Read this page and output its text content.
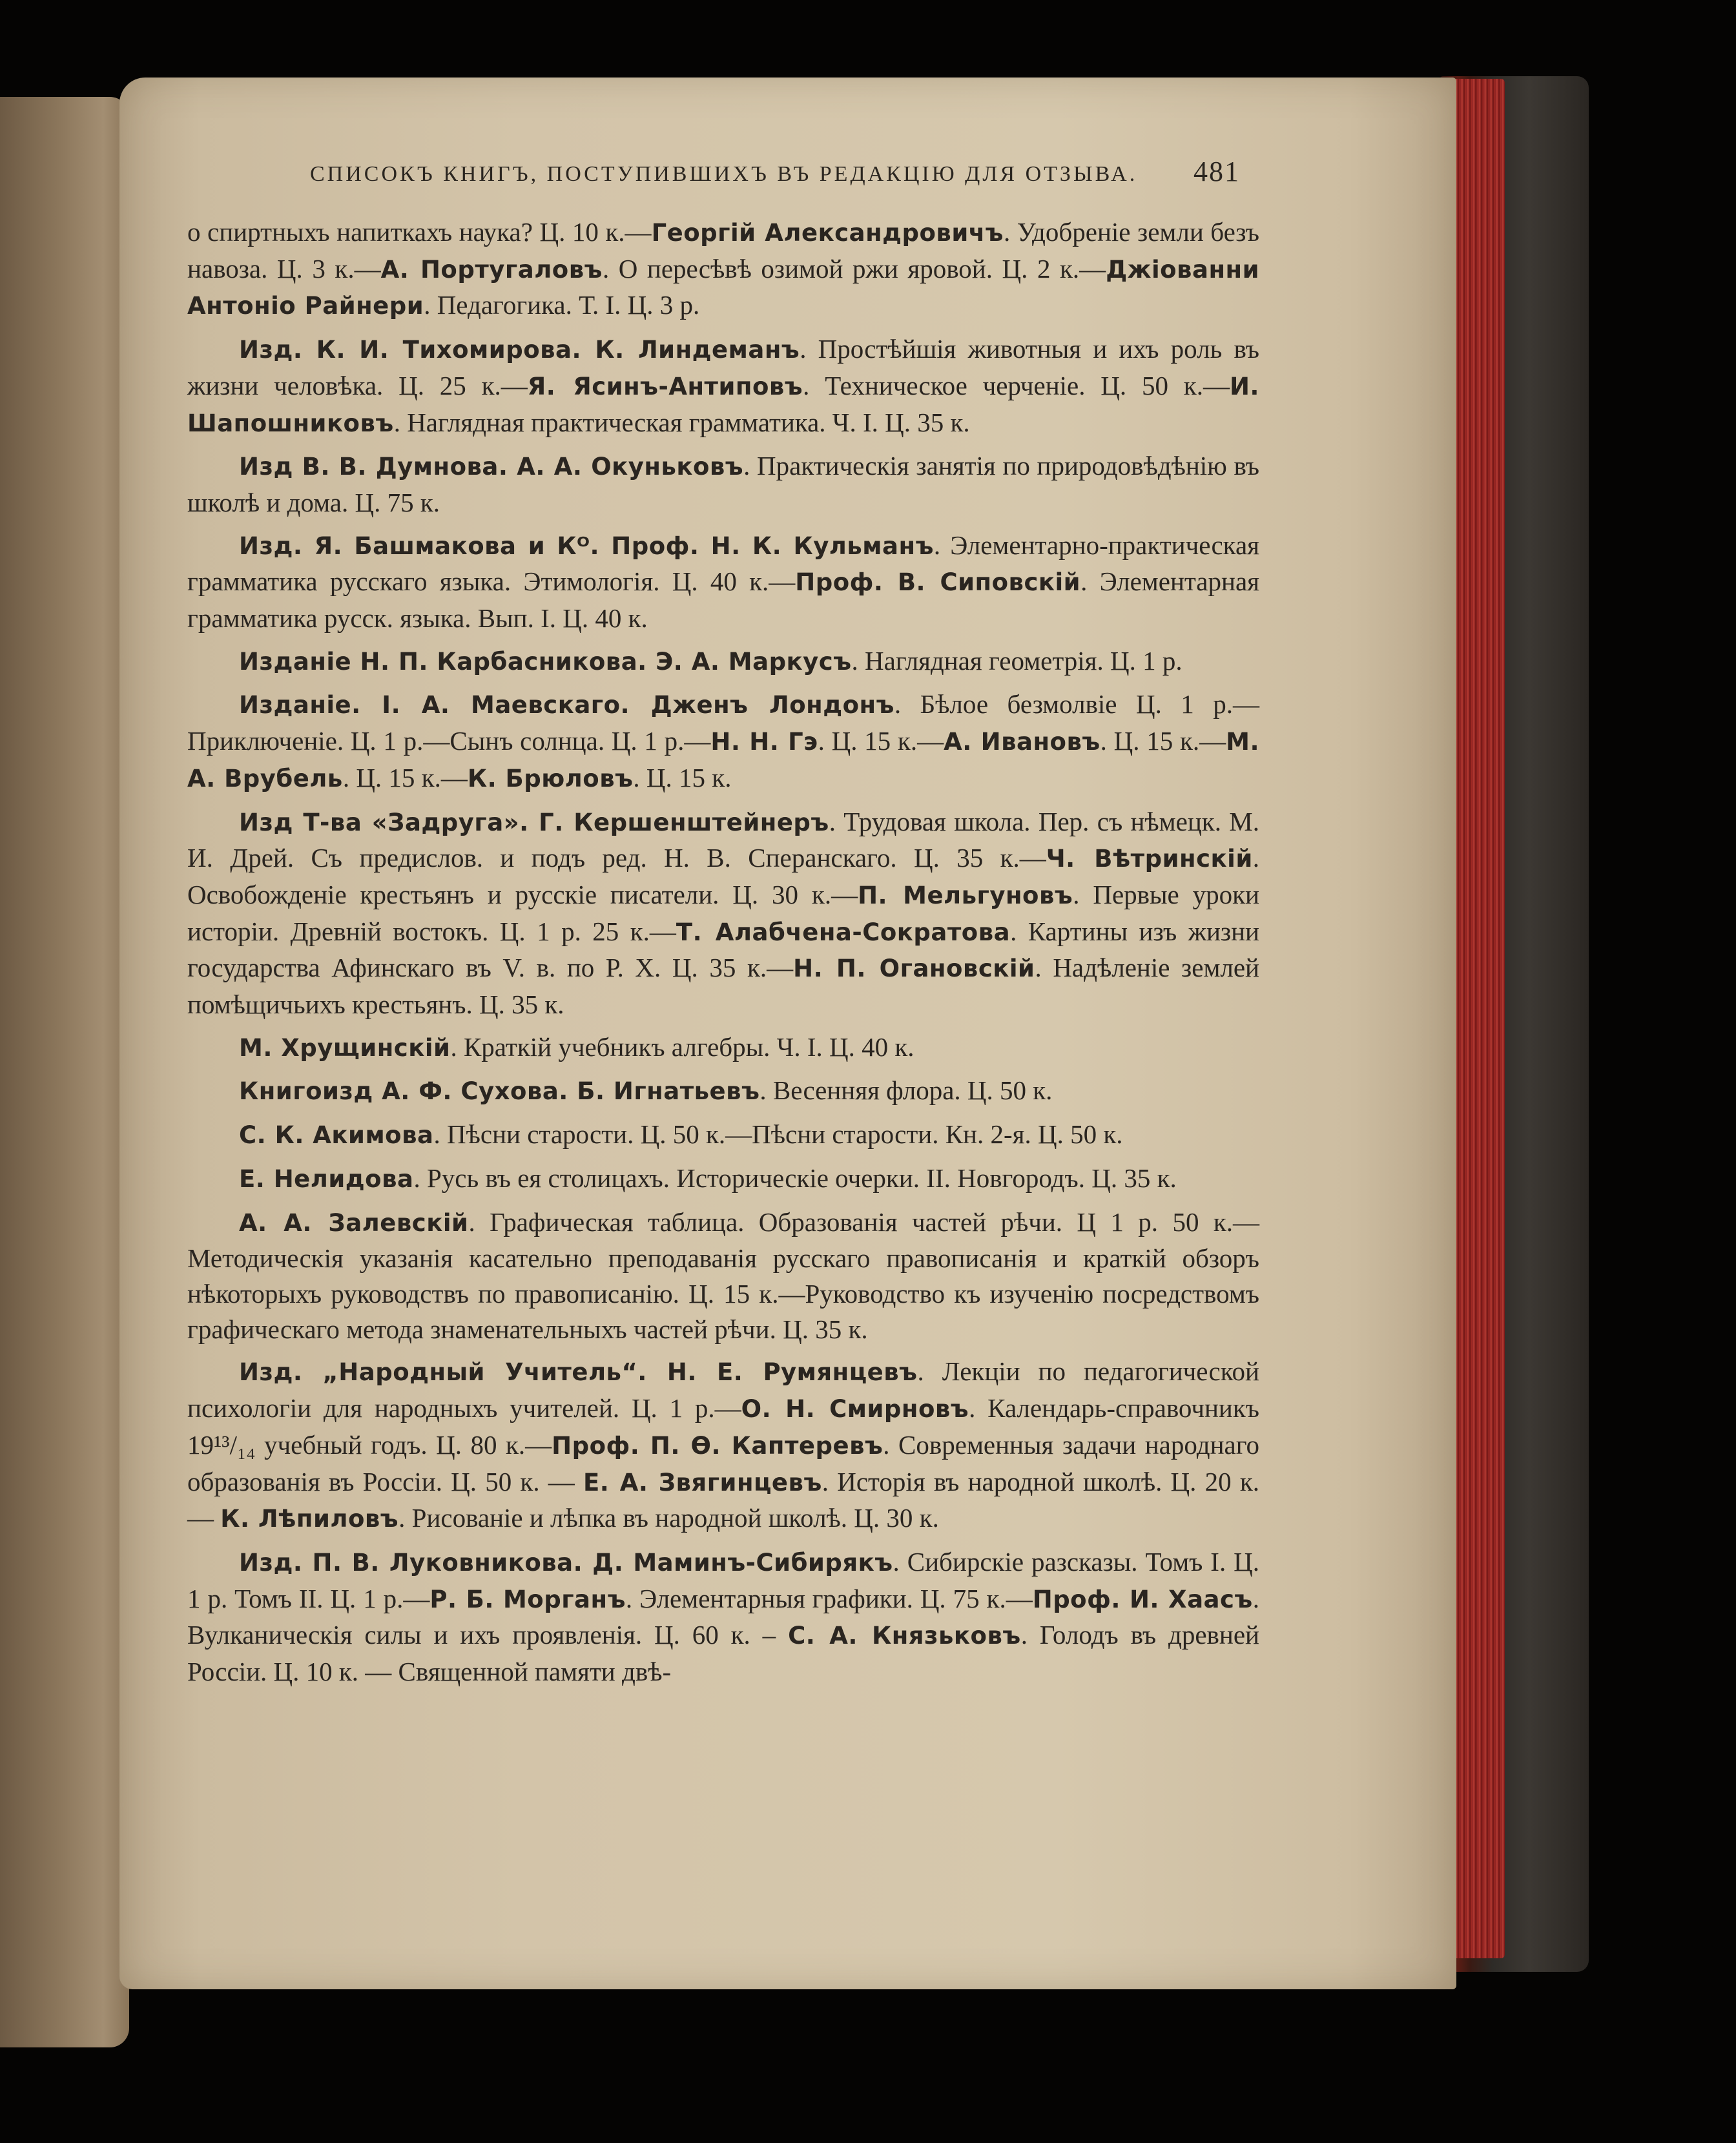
СПИСОКЪ КНИГЪ, ПОСТУПИВШИХЪ ВЪ РЕДАКЦІЮ ДЛЯ ОТЗЫВА. 481

о спиртныхъ напиткахъ наука? Ц. 10 к.—Георгій Александровичъ. Удобреніе земли безъ навоза. Ц. 3 к.—А. Португаловъ. О пересѣвѣ озимой ржи яровой. Ц. 2 к.—Джіованни Антоніо Райнери. Педагогика. Т. I. Ц. 3 р.

Изд. К. И. Тихомирова. К. Линдеманъ. Простѣйшія животныя и ихъ роль въ жизни человѣка. Ц. 25 к.—Я. Ясинъ-Антиповъ. Техническое черченіе. Ц. 50 к.—И. Шапошниковъ. Наглядная практическая грамматика. Ч. I. Ц. 35 к.

Изд В. В. Думнова. А. А. Окуньковъ. Практическія занятія по природовѣдѣнію въ школѣ и дома. Ц. 75 к.

Изд. Я. Башмакова и Кᴼ. Проф. Н. К. Кульманъ. Элементарно-практическая грамматика русскаго языка. Этимологія. Ц. 40 к.—Проф. В. Сиповскій. Элементарная грамматика русск. языка. Вып. I. Ц. 40 к.

Изданіе Н. П. Карбасникова. Э. А. Маркусъ. Наглядная геометрія. Ц. 1 р.

Изданіе. I. А. Маевскаго. Дженъ Лондонъ. Бѣлое безмолвіе Ц. 1 р.—Приключеніе. Ц. 1 р.—Сынъ солнца. Ц. 1 р.—Н. Н. Гэ. Ц. 15 к.—А. Ивановъ. Ц. 15 к.—М. А. Врубель. Ц. 15 к.—К. Брюловъ. Ц. 15 к.

Изд Т-ва «Задруга». Г. Кершенштейнеръ. Трудовая школа. Пер. съ нѣмецк. М. И. Дрей. Съ предислов. и подъ ред. Н. В. Сперанскаго. Ц. 35 к.—Ч. Вѣтринскій. Освобожденіе крестьянъ и русскіе писатели. Ц. 30 к.—П. Мельгуновъ. Первые уроки исторіи. Древній востокъ. Ц. 1 р. 25 к.—Т. Алабчена-Сократова. Картины изъ жизни государства Афинскаго въ V. в. по Р. Х. Ц. 35 к.—Н. П. Огановскій. Надѣленіе землей помѣщичьихъ крестьянъ. Ц. 35 к.

М. Хрущинскій. Краткій учебникъ алгебры. Ч. I. Ц. 40 к.

Книгоизд А. Ф. Сухова. Б. Игнатьевъ. Весенняя флора. Ц. 50 к.

С. К. Акимова. Пѣсни старости. Ц. 50 к.—Пѣсни старости. Кн. 2-я. Ц. 50 к.

Е. Нелидова. Русь въ ея столицахъ. Историческіе очерки. II. Новгородъ. Ц. 35 к.

А. А. Залевскій. Графическая таблица. Образованія частей рѣчи. Ц 1 р. 50 к.—Методическія указанія касательно преподаванія русскаго правописанія и краткій обзоръ нѣкоторыхъ руководствъ по правописанію. Ц. 15 к.—Руководство къ изученію посредствомъ графическаго метода знаменательныхъ частей рѣчи. Ц. 35 к.

Изд. „Народный Учитель“. Н. Е. Румянцевъ. Лекціи по педагогической психологіи для народныхъ учителей. Ц. 1 р.—О. Н. Смирновъ. Календарь-справочникъ 19¹³/₁₄ учебный годъ. Ц. 80 к.—Проф. П. Ѳ. Каптеревъ. Современныя задачи народнаго образованія въ Россіи. Ц. 50 к. — Е. А. Звягинцевъ. Исторія въ народной школѣ. Ц. 20 к. — К. Лѣпиловъ. Рисованіе и лѣпка въ народной школѣ. Ц. 30 к.

Изд. П. В. Луковникова. Д. Маминъ-Сибирякъ. Сибирскіе разсказы. Томъ I. Ц. 1 р. Томъ II. Ц. 1 р.—Р. Б. Морганъ. Элементарныя графики. Ц. 75 к.—Проф. И. Хаасъ. Вулканическія силы и ихъ проявленія. Ц. 60 к. – С. А. Князьковъ. Голодъ въ древней Россіи. Ц. 10 к. — Священной памяти двѣ-
